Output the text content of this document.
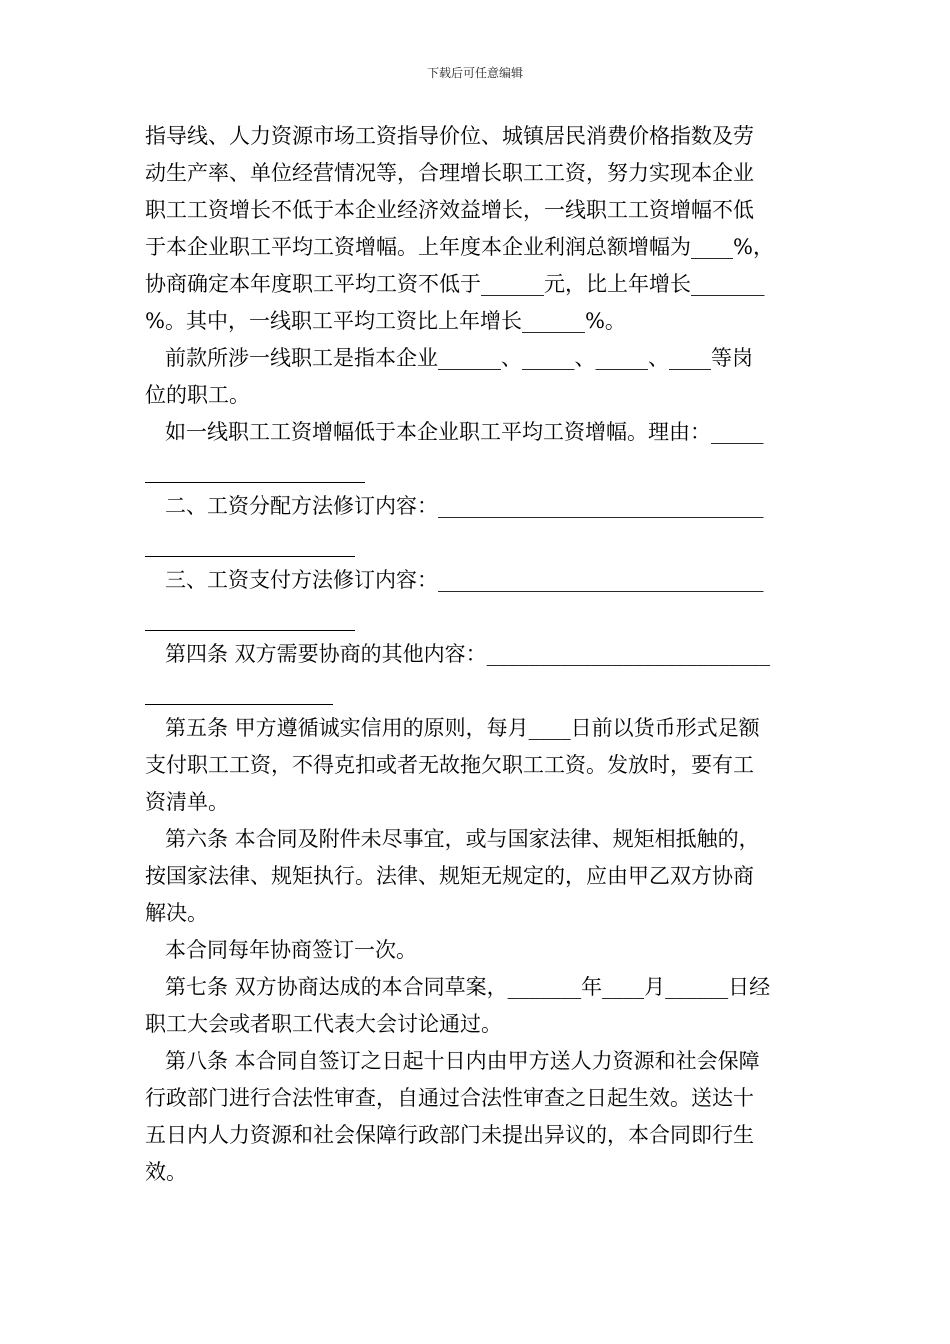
下载后可任意编辑
指导线、人力资源市场工资指导价位、城镇居民消费价格指数及劳
动生产率、单位经营情况等，合理增长职工工资，努力实现本企业
职工工资增长不低于本企业经济效益增长，一线职工工资增幅不低
于本企业职工平均工资增幅。上年度本企业利润总额增幅为____%，
协商确定本年度职工平均工资不低于______元，比上年增长_______
%。其中，一线职工平均工资比上年增长______%。
前款所涉一线职工是指本企业______、_____、_____、____等岗
位的职工。
如一线职工工资增幅低于本企业职工平均工资增幅。理由：_____
二、工资分配方法修订内容：_______________________________
三、工资支付方法修订内容：_______________________________
第四条 双方需要协商的其他内容：___________________________
第五条 甲方遵循诚实信用的原则，每月____日前以货币形式足额
支付职工工资，不得克扣或者无故拖欠职工工资。发放时，要有工
资清单。
第六条 本合同及附件未尽事宜，或与国家法律、规矩相抵触的，
按国家法律、规矩执行。法律、规矩无规定的，应由甲乙双方协商
解决。
本合同每年协商签订一次。
第七条 双方协商达成的本合同草案，_______年____月______日经
职工大会或者职工代表大会讨论通过。
第八条 本合同自签订之日起十日内由甲方送人力资源和社会保障
行政部门进行合法性审查，自通过合法性审查之日起生效。送达十
五日内人力资源和社会保障行政部门未提出异议的，本合同即行生
效。
